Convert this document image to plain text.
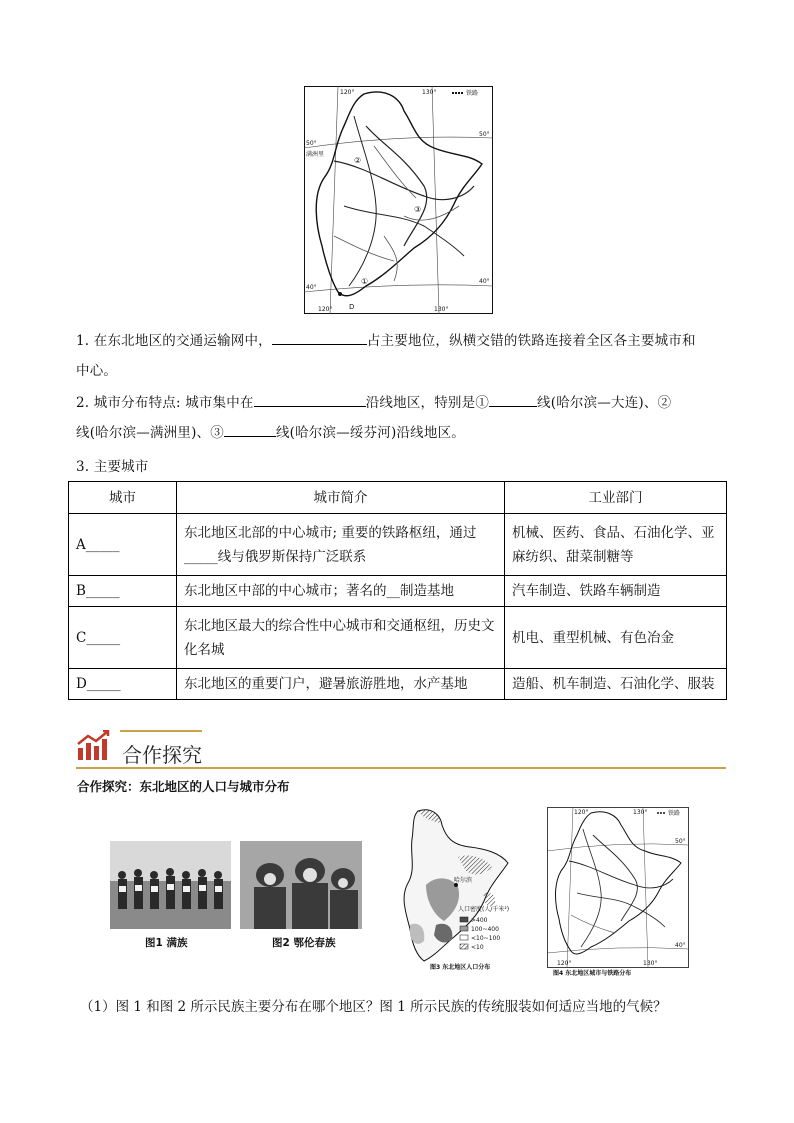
铁路
120°	130°
50°
50°
40°
40°
120°	130°
满洲里
②
③
①
D
1. 在东北地区的交通运输网中，	占主要地位，纵横交错的铁路连接着全区各主要城市和
中心。
2. 城市分布特点: 城市集中在	沿线地区，特别是①	线(哈尔滨—大连)、②
线(哈尔滨—满洲里)、③	线(哈尔滨—绥芬河)沿线地区。
3. 主要城市
城市	城市简介	工业部门
A_____	东北地区北部的中心城市; 重要的铁路枢纽，通过_____线与俄罗斯保持广泛联系	机械、医药、食品、石油化学、亚麻纺织、甜菜制糖等
B_____	东北地区中部的中心城市；著名的__制造基地	汽车制造、铁路车辆制造
C_____	东北地区最大的综合性中心城市和交通枢纽，历史文化名城	机电、重型机械、有色冶金
D_____	东北地区的重要门户，避暑旅游胜地，水产基地	造船、机车制造、石油化学、服装
合作探究
合作探究：东北地区的人口与城市分布
图1 满族	图2 鄂伦春族
哈尔滨
人口密度(人/千米²)
>400
100~400
<10~100
<10
图3 东北地区人口分布
铁路
120°	130°
50°
40°
120°	130°
图4 东北地区城市与铁路分布
（1）图 1 和图 2 所示民族主要分布在哪个地区？图 1 所示民族的传统服装如何适应当地的气候？
